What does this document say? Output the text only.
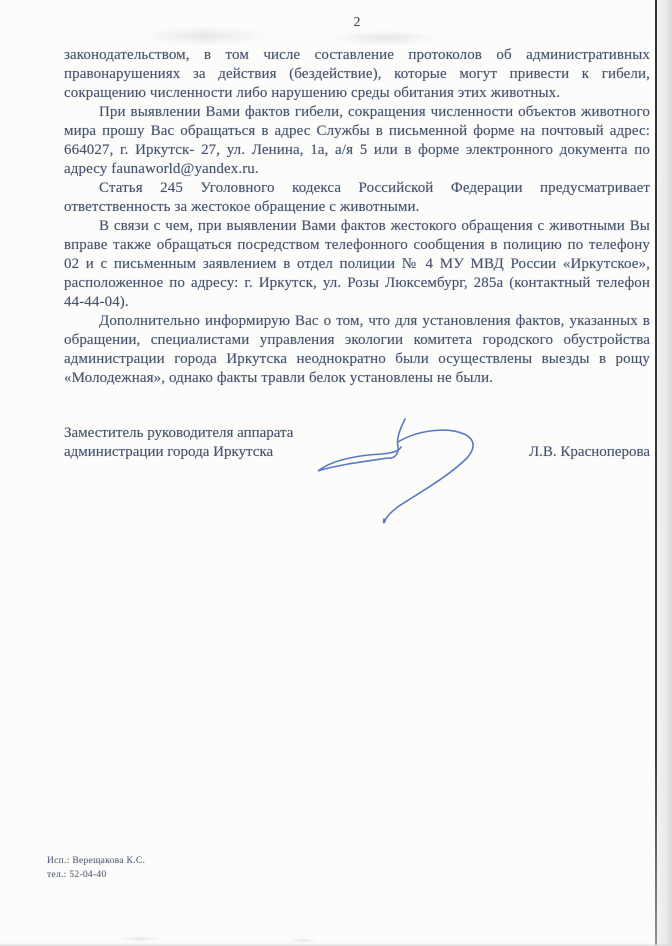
2

законодательством, в том числе составление протоколов об административных правонарушениях за действия (бездействие), которые могут привести к гибели, сокращению численности либо нарушению среды обитания этих животных.

При выявлении Вами фактов гибели, сокращения численности объектов животного мира прошу Вас обращаться в адрес Службы в письменной форме на почтовый адрес: 664027, г. Иркутск- 27, ул. Ленина, 1а, а/я 5 или в форме электронного документа по адресу faunaworld@yandex.ru.

Статья 245 Уголовного кодекса Российской Федерации предусматривает ответственность за жестокое обращение с животными.

В связи с чем, при выявлении Вами фактов жестокого обращения с животными Вы вправе также обращаться посредством телефонного сообщения в полицию по телефону 02 и с письменным заявлением в отдел полиции № 4 МУ МВД России «Иркутское», расположенное по адресу: г. Иркутск, ул. Розы Люксембург, 285а (контактный телефон 44-44-04).

Дополнительно информирую Вас о том, что для установления фактов, указанных в обращении, специалистами управления экологии комитета городского обустройства администрации города Иркутска неоднократно были осуществлены выезды в рощу «Молодежная», однако факты травли белок установлены не были.

Заместитель руководителя аппарата
администрации города Иркутска	Л.В. Красноперова
Исп.: Верещакова К.С.
тел.: 52-04-40
